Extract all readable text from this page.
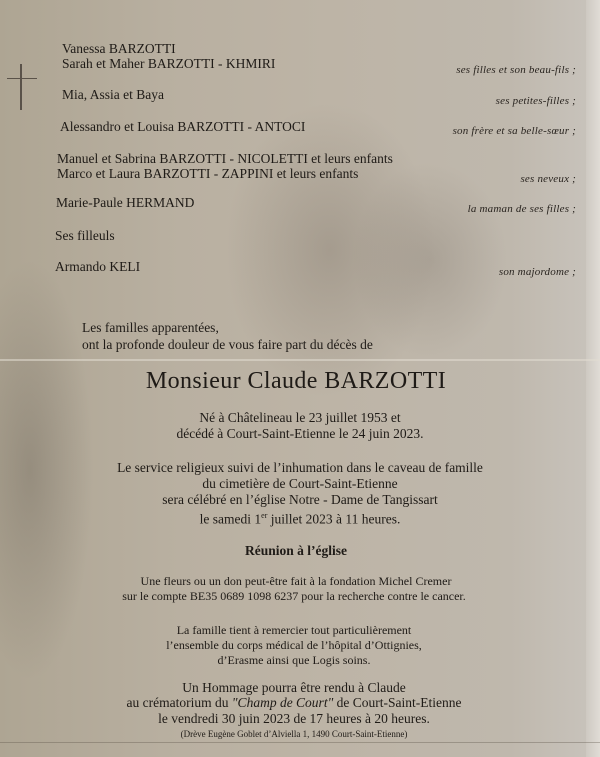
Vanessa BARZOTTI
Sarah et Maher BARZOTTI - KHMIRI	ses filles et son beau-fils ;
Mia, Assia et Baya	ses petites-filles ;
Alessandro et Louisa BARZOTTI - ANTOCI	son frère et sa belle-sœur ;
Manuel et Sabrina BARZOTTI - NICOLETTI et leurs enfants
Marco et Laura BARZOTTI - ZAPPINI et leurs enfants	ses neveux ;
Marie-Paule HERMAND	la maman de ses filles ;
Ses filleuls
Armando KELI	son majordome ;
Les familles apparentées,
ont la profonde douleur de vous faire part du décès de
Monsieur Claude BARZOTTI
Né à Châtelineau le 23 juillet 1953 et
décédé à Court-Saint-Etienne le 24 juin 2023.
Le service religieux suivi de l’inhumation dans le caveau de famille
du cimetière de Court-Saint-Etienne
sera célébré en l’église Notre - Dame de Tangissart
le samedi 1er juillet 2023 à 11 heures.
Réunion à l’église
Une fleurs ou un don peut-être fait à la fondation Michel Cremer
sur le compte BE35 0689 1098 6237 pour la recherche contre le cancer.
La famille tient à remercier tout particulièrement
l’ensemble du corps médical de l’hôpital d’Ottignies,
d’Erasme ainsi que Logis soins.
Un Hommage pourra être rendu à Claude
au crématorium du "Champ de Court" de Court-Saint-Etienne
le vendredi 30 juin 2023 de 17 heures à 20 heures.
(Drève Eugène Goblet d’Alviella 1, 1490 Court-Saint-Etienne)
